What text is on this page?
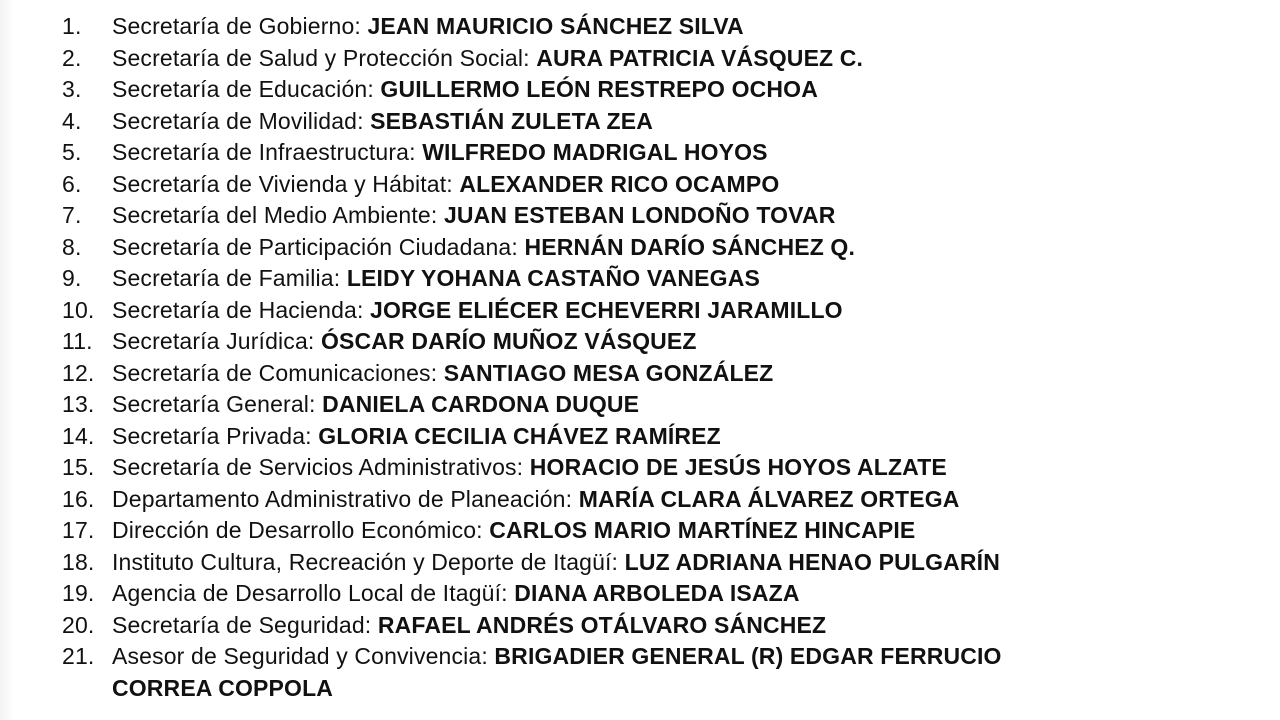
1.	Secretaría de Gobierno: JEAN MAURICIO SÁNCHEZ SILVA
2.	Secretaría de Salud y Protección Social: AURA PATRICIA VÁSQUEZ C.
3.	Secretaría de Educación: GUILLERMO LEÓN RESTREPO OCHOA
4.	Secretaría de Movilidad: SEBASTIÁN ZULETA ZEA
5.	Secretaría de Infraestructura: WILFREDO MADRIGAL HOYOS
6.	Secretaría de Vivienda y Hábitat: ALEXANDER RICO OCAMPO
7.	Secretaría del Medio Ambiente: JUAN ESTEBAN LONDOÑO TOVAR
8.	Secretaría de Participación Ciudadana: HERNÁN DARÍO SÁNCHEZ Q.
9.	Secretaría de Familia: LEIDY YOHANA CASTAÑO VANEGAS
10. Secretaría de Hacienda: JORGE ELIÉCER ECHEVERRI JARAMILLO
11. Secretaría Jurídica: ÓSCAR DARÍO MUÑOZ VÁSQUEZ
12. Secretaría de Comunicaciones: SANTIAGO MESA GONZÁLEZ
13. Secretaría General: DANIELA CARDONA DUQUE
14. Secretaría Privada: GLORIA CECILIA CHÁVEZ RAMÍREZ
15. Secretaría de Servicios Administrativos: HORACIO DE JESÚS HOYOS ALZATE
16. Departamento Administrativo de Planeación: MARÍA CLARA ÁLVAREZ ORTEGA
17. Dirección de Desarrollo Económico: CARLOS MARIO MARTÍNEZ HINCAPIE
18. Instituto Cultura, Recreación y Deporte de Itagüí: LUZ ADRIANA HENAO PULGARÍN
19. Agencia de Desarrollo Local de Itagüí: DIANA ARBOLEDA ISAZA
20. Secretaría de Seguridad: RAFAEL ANDRÉS OTÁLVARO SÁNCHEZ
21. Asesor de Seguridad y Convivencia: BRIGADIER GENERAL (R) EDGAR FERRUCIO
CORREA COPPOLA
